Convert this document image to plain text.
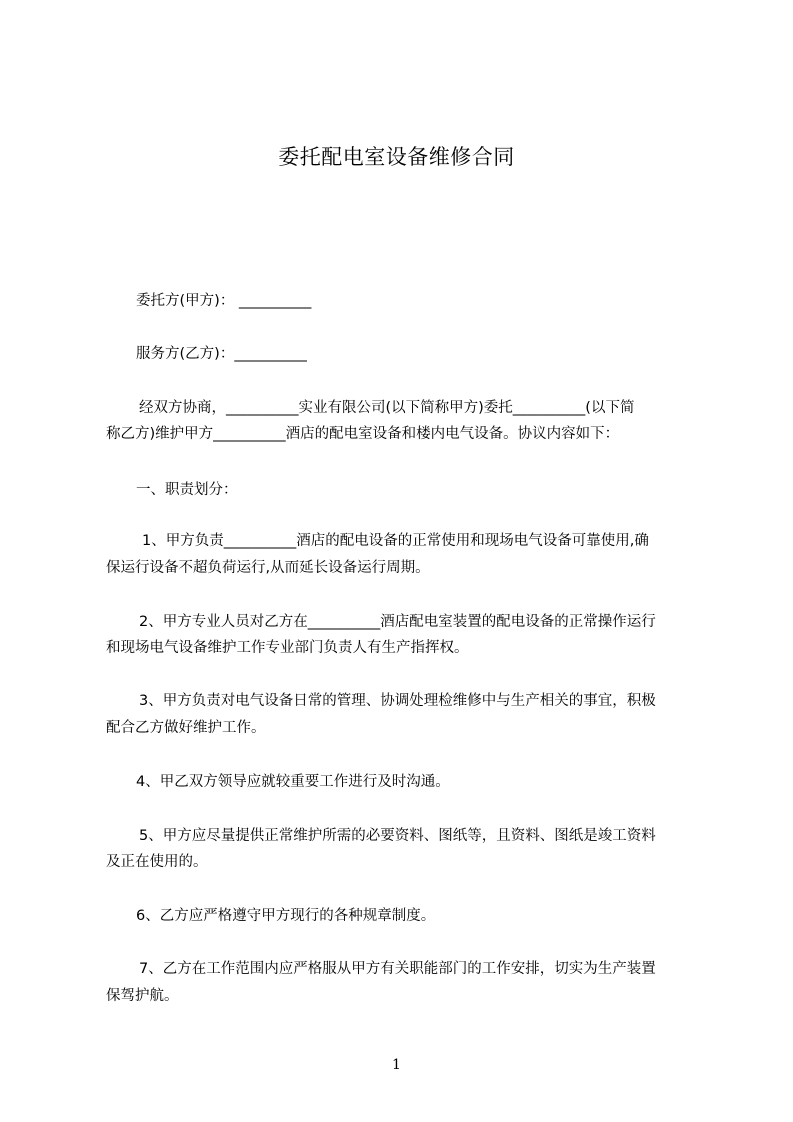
委托配电室设备维修合同
委托方(甲方)： __________
服务方(乙方)：__________
经双方协商，__________实业有限公司(以下简称甲方)委托__________(以下简
称乙方)维护甲方__________酒店的配电室设备和楼内电气设备。协议内容如下：
一、职责划分：
1、甲方负责__________酒店的配电设备的正常使用和现场电气设备可靠使用,确
保运行设备不超负荷运行,从而延长设备运行周期。
2、甲方专业人员对乙方在__________酒店配电室装置的配电设备的正常操作运行
和现场电气设备维护工作专业部门负责人有生产指挥权。
3、甲方负责对电气设备日常的管理、协调处理检维修中与生产相关的事宜，积极
配合乙方做好维护工作。
4、甲乙双方领导应就较重要工作进行及时沟通。
5、甲方应尽量提供正常维护所需的必要资料、图纸等，且资料、图纸是竣工资料
及正在使用的。
6、乙方应严格遵守甲方现行的各种规章制度。
7、乙方在工作范围内应严格服从甲方有关职能部门的工作安排，切实为生产装置
保驾护航。
1
